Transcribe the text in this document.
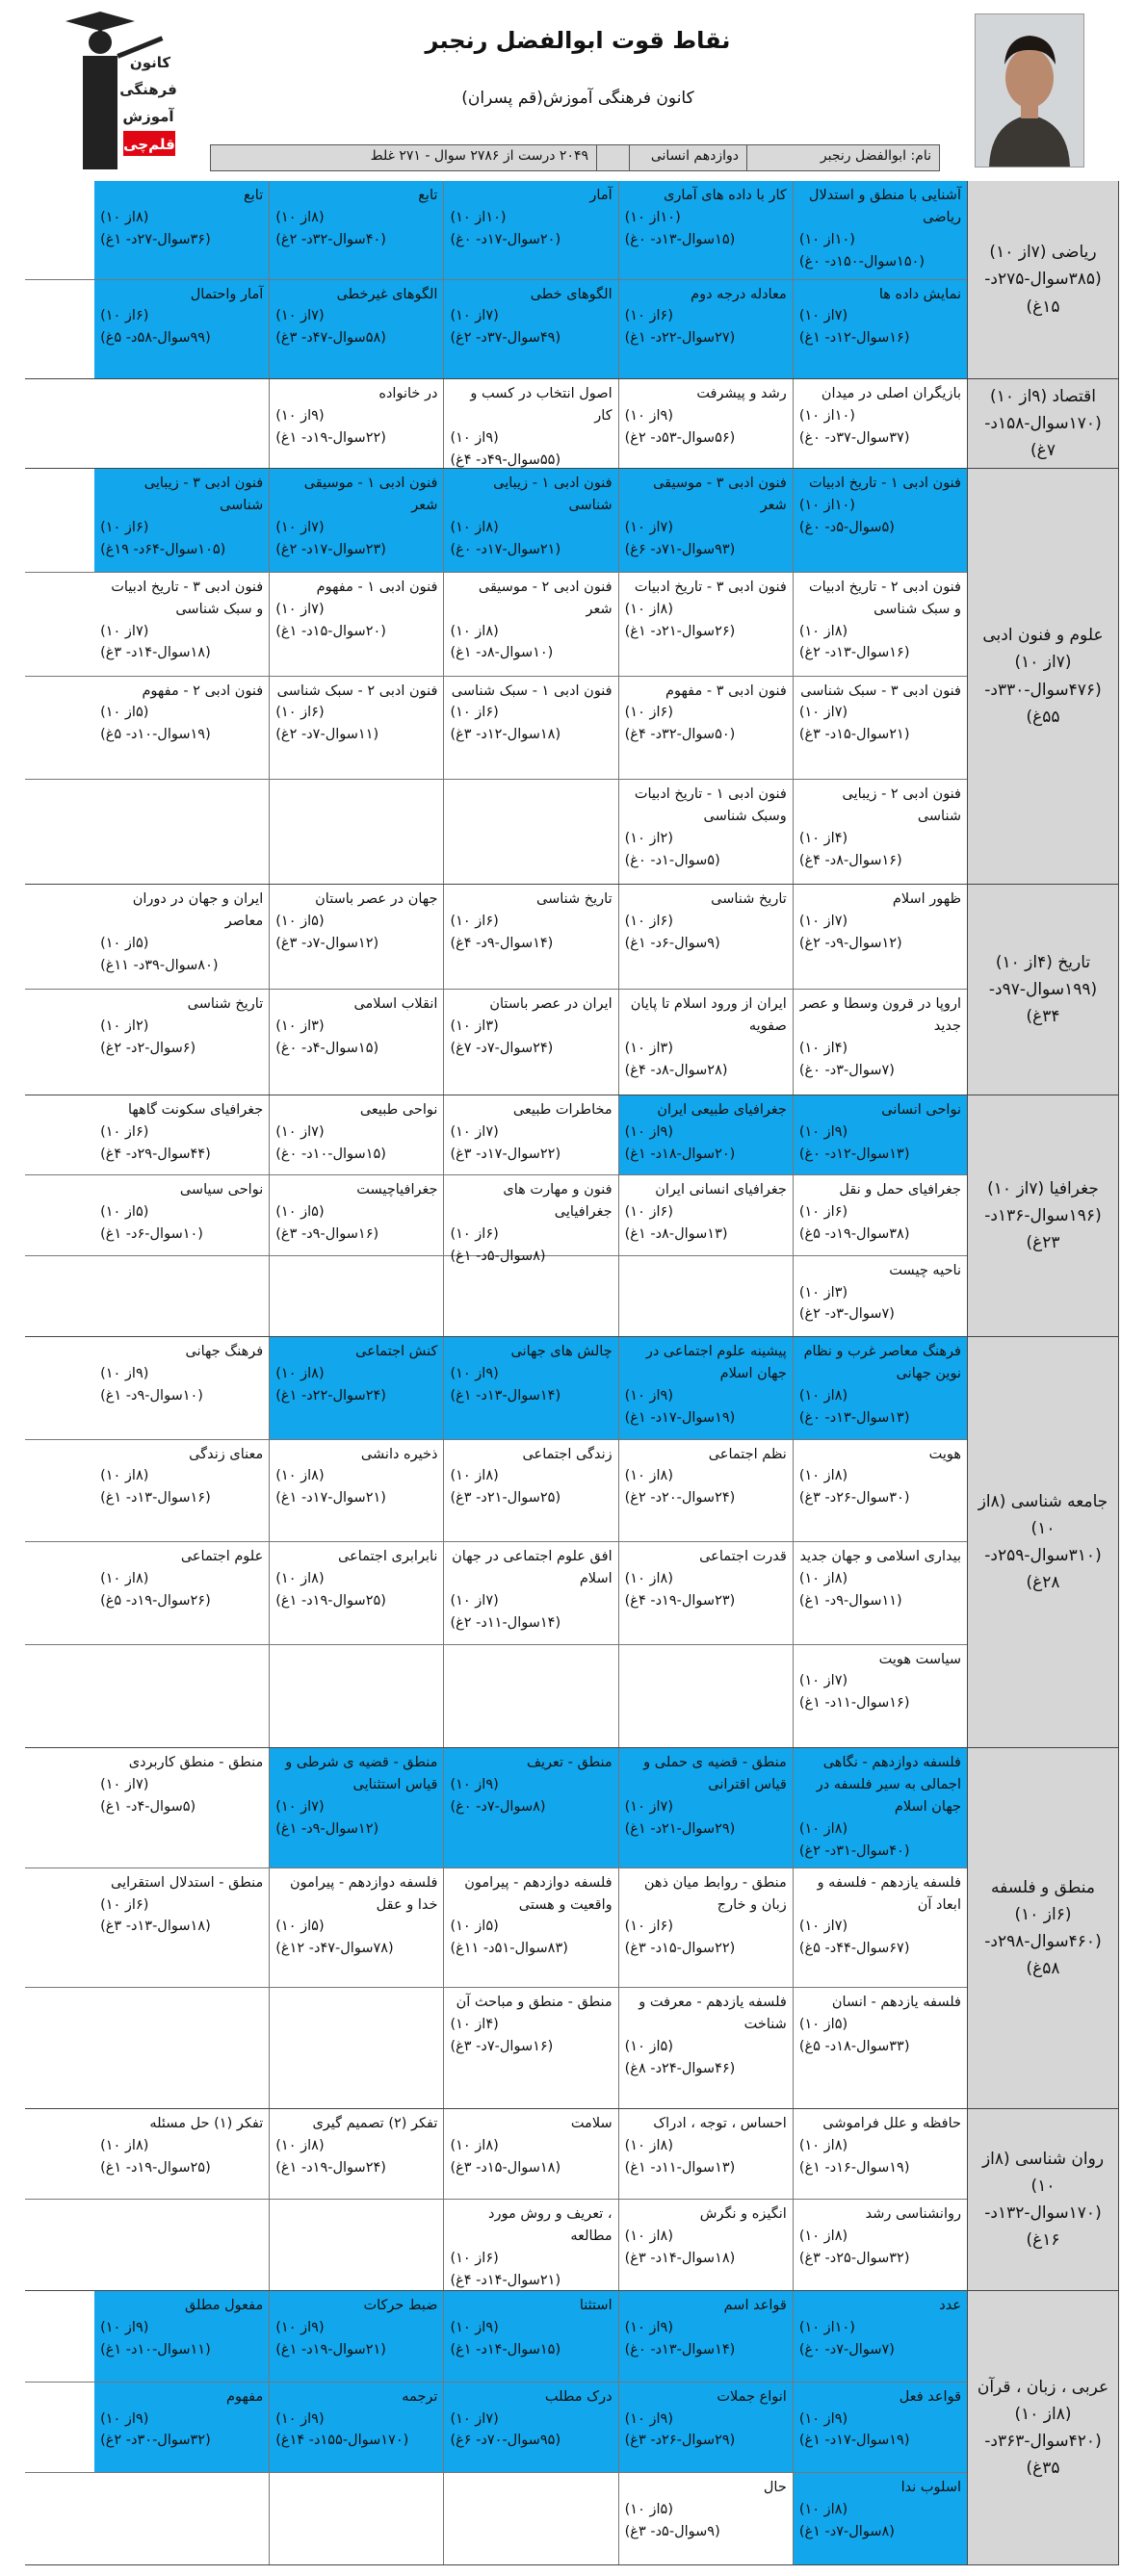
کانون
فرهنگی
آموزش
قلم‌چی
نقاط قوت ابوالفضل رنجبر
کانون فرهنگی آموزش(قم پسران)
نام: ابوالفضل رنجبر
دوازدهم انسانی
۲۰۴۹ درست از ۲۷۸۶ سوال - ۲۷۱ غلط
ریاضی (۷از ۱۰)
(۳۸۵سوال-۲۷۵د-
۱۵غ)
آشنایی با منطق و استدلال ریاضی
(۱۰از ۱۰)
(۱۵۰سوال-۱۵۰د- ۰غ)
کار با داده های آماری
(۱۰از ۱۰)
(۱۵سوال-۱۳د- ۰غ)
آمار
(۱۰از ۱۰)
(۲۰سوال-۱۷د- ۰غ)
تابع
(۸از ۱۰)
(۴۰سوال-۳۲د- ۲غ)
تابع
(۸از ۱۰)
(۳۶سوال-۲۷د- ۱غ)
نمایش داده ها
(۷از ۱۰)
(۱۶سوال-۱۲د- ۱غ)
معادله درجه دوم
(۶از ۱۰)
(۲۷سوال-۲۲د- ۱غ)
الگوهای خطی
(۷از ۱۰)
(۴۹سوال-۳۷د- ۲غ)
الگوهای غیرخطی
(۷از ۱۰)
(۵۸سوال-۴۷د- ۳غ)
آمار واحتمال
(۶از ۱۰)
(۹۹سوال-۵۸د- ۵غ)
اقتصاد (۹از ۱۰)
(۱۷۰سوال-۱۵۸د- ۷غ)
بازیگران اصلی در میدان
(۱۰از ۱۰)
(۳۷سوال-۳۷د- ۰غ)
رشد و پیشرفت
(۹از ۱۰)
(۵۶سوال-۵۳د- ۲غ)
اصول انتخاب در کسب و کار
(۹از ۱۰)
(۵۵سوال-۴۹د- ۴غ)
در خانواده
(۹از ۱۰)
(۲۲سوال-۱۹د- ۱غ)
علوم و فنون ادبی
(۷از ۱۰)
(۴۷۶سوال-۳۳۰د-
۵۵غ)
فنون ادبی ۱ - تاریخ ادبیات
(۱۰از ۱۰)
(۵سوال-۵د- ۰غ)
فنون ادبی ۳ - موسیقی شعر
(۷از ۱۰)
(۹۳سوال-۷۱د- ۶غ)
فنون ادبی ۱ - زیبایی شناسی
(۸از ۱۰)
(۲۱سوال-۱۷د- ۰غ)
فنون ادبی ۱ - موسیقی شعر
(۷از ۱۰)
(۲۳سوال-۱۷د- ۲غ)
فنون ادبی ۳ - زیبایی شناسی
(۶از ۱۰)
(۱۰۵سوال-۶۴د- ۱۹غ)
فنون ادبی ۲ - تاریخ ادبیات و سبک شناسی
(۸از ۱۰)
(۱۶سوال-۱۳د- ۲غ)
فنون ادبی ۳ - تاریخ ادبیات
(۸از ۱۰)
(۲۶سوال-۲۱د- ۱غ)
فنون ادبی ۲ - موسیقی شعر
(۸از ۱۰)
(۱۰سوال-۸د- ۱غ)
فنون ادبی ۱ - مفهوم
(۷از ۱۰)
(۲۰سوال-۱۵د- ۱غ)
فنون ادبی ۳ - تاریخ ادبیات و سبک شناسی
(۷از ۱۰)
(۱۸سوال-۱۴د- ۳غ)
فنون ادبی ۳ - سبک شناسی
(۷از ۱۰)
(۲۱سوال-۱۵د- ۳غ)
فنون ادبی ۳ - مفهوم
(۶از ۱۰)
(۵۰سوال-۳۲د- ۴غ)
فنون ادبی ۱ - سبک شناسی
(۶از ۱۰)
(۱۸سوال-۱۲د- ۳غ)
فنون ادبی ۲ - سبک شناسی
(۶از ۱۰)
(۱۱سوال-۷د- ۲غ)
فنون ادبی ۲ - مفهوم
(۵از ۱۰)
(۱۹سوال-۱۰د- ۵غ)
فنون ادبی ۲ - زیبایی شناسی
(۴از ۱۰)
(۱۶سوال-۸د- ۴غ)
فنون ادبی ۱ - تاریخ ادبیات وسبک شناسی
(۲از ۱۰)
(۵سوال-۱د- ۰غ)
تاریخ (۴از ۱۰)
(۱۹۹سوال-۹۷د-
۳۴غ)
ظهور اسلام
(۷از ۱۰)
(۱۲سوال-۹د- ۲غ)
تاریخ شناسی
(۶از ۱۰)
(۹سوال-۶د- ۱غ)
تاریخ شناسی
(۶از ۱۰)
(۱۴سوال-۹د- ۴غ)
جهان در عصر باستان
(۵از ۱۰)
(۱۲سوال-۷د- ۳غ)
ایران و جهان در دوران معاصر
(۵از ۱۰)
(۸۰سوال-۳۹د- ۱۱غ)
اروپا در قرون وسطا و عصر جدید
(۴از ۱۰)
(۷سوال-۳د- ۰غ)
ایران از ورود اسلام تا پایان صفویه
(۳از ۱۰)
(۲۸سوال-۸د- ۴غ)
ایران در عصر باستان
(۳از ۱۰)
(۲۴سوال-۷د- ۷غ)
انقلاب اسلامی
(۳از ۱۰)
(۱۵سوال-۴د- ۰غ)
تاریخ شناسی
(۲از ۱۰)
(۶سوال-۲د- ۲غ)
جغرافیا (۷از ۱۰)
(۱۹۶سوال-۱۳۶د-
۲۳غ)
نواحی انسانی
(۹از ۱۰)
(۱۳سوال-۱۲د- ۰غ)
جغرافیای طبیعی ایران
(۹از ۱۰)
(۲۰سوال-۱۸د- ۱غ)
مخاطرات طبیعی
(۷از ۱۰)
(۲۲سوال-۱۷د- ۳غ)
نواحی طبیعی
(۷از ۱۰)
(۱۵سوال-۱۰د- ۰غ)
جغرافیای سکونت گاهها
(۶از ۱۰)
(۴۴سوال-۲۹د- ۴غ)
جغرافیای حمل و نقل
(۶از ۱۰)
(۳۸سوال-۱۹د- ۵غ)
جغرافیای انسانی ایران
(۶از ۱۰)
(۱۳سوال-۸د- ۱غ)
فنون و مهارت های جغرافیایی
(۶از ۱۰)
(۸سوال-۵د- ۱غ)
جغرافیاچیست
(۵از ۱۰)
(۱۶سوال-۹د- ۳غ)
نواحی سیاسی
(۵از ۱۰)
(۱۰سوال-۶د- ۱غ)
ناحیه چیست
(۳از ۱۰)
(۷سوال-۳د- ۲غ)
جامعه شناسی (۸از ۱۰)
(۳۱۰سوال-۲۵۹د-
۲۸غ)
فرهنگ معاصر غرب و نظام نوین جهانی
(۸از ۱۰)
(۱۳سوال-۱۳د- ۰غ)
پیشینه علوم اجتماعی در جهان اسلام
(۹از ۱۰)
(۱۹سوال-۱۷د- ۱غ)
چالش های جهانی
(۹از ۱۰)
(۱۴سوال-۱۳د- ۱غ)
کنش اجتماعی
(۸از ۱۰)
(۲۴سوال-۲۲د- ۱غ)
فرهنگ جهانی
(۹از ۱۰)
(۱۰سوال-۹د- ۱غ)
هویت
(۸از ۱۰)
(۳۰سوال-۲۶د- ۳غ)
نظم اجتماعی
(۸از ۱۰)
(۲۴سوال-۲۰د- ۲غ)
زندگی اجتماعی
(۸از ۱۰)
(۲۵سوال-۲۱د- ۳غ)
ذخیره دانشی
(۸از ۱۰)
(۲۱سوال-۱۷د- ۱غ)
معنای زندگی
(۸از ۱۰)
(۱۶سوال-۱۳د- ۱غ)
بیداری اسلامی و جهان جدید
(۸از ۱۰)
(۱۱سوال-۹د- ۱غ)
قدرت اجتماعی
(۸از ۱۰)
(۲۳سوال-۱۹د- ۴غ)
افق علوم اجتماعی در جهان اسلام
(۷از ۱۰)
(۱۴سوال-۱۱د- ۲غ)
نابرابری اجتماعی
(۸از ۱۰)
(۲۵سوال-۱۹د- ۱غ)
علوم اجتماعی
(۸از ۱۰)
(۲۶سوال-۱۹د- ۵غ)
سیاست هویت
(۷از ۱۰)
(۱۶سوال-۱۱د- ۱غ)
منطق و فلسفه (۶از ۱۰)
(۴۶۰سوال-۲۹۸د-
۵۸غ)
فلسفه دوازدهم - نگاهی اجمالی به سیر فلسفه در جهان اسلام
(۸از ۱۰)
(۴۰سوال-۳۱د- ۲غ)
منطق - قضیه ی حملی و قیاس اقترانی
(۷از ۱۰)
(۲۹سوال-۲۱د- ۱غ)
منطق - تعریف
(۹از ۱۰)
(۸سوال-۷د- ۰غ)
منطق - قضیه ی شرطی و قیاس استثنایی
(۷از ۱۰)
(۱۲سوال-۹د- ۱غ)
منطق - منطق کاربردی
(۷از ۱۰)
(۵سوال-۴د- ۱غ)
فلسفه یازدهم - فلسفه و ابعاد آن
(۷از ۱۰)
(۶۷سوال-۴۴د- ۵غ)
منطق - روابط میان ذهن زبان و خارج
(۶از ۱۰)
(۲۲سوال-۱۵د- ۳غ)
فلسفه دوازدهم - پیرامون واقعیت و هستی
(۵از ۱۰)
(۸۳سوال-۵۱د- ۱۱غ)
فلسفه دوازدهم - پیرامون خدا و عقل
(۵از ۱۰)
(۷۸سوال-۴۷د- ۱۲غ)
منطق - استدلال استقرایی
(۶از ۱۰)
(۱۸سوال-۱۳د- ۳غ)
فلسفه یازدهم - انسان
(۵از ۱۰)
(۳۳سوال-۱۸د- ۵غ)
فلسفه یازدهم - معرفت و شناخت
(۵از ۱۰)
(۴۶سوال-۲۴د- ۸غ)
منطق - منطق و مباحث آن
(۴از ۱۰)
(۱۶سوال-۷د- ۳غ)
روان شناسی (۸از ۱۰)
(۱۷۰سوال-۱۳۲د-
۱۶غ)
حافظه و علل فراموشی
(۸از ۱۰)
(۱۹سوال-۱۶د- ۱غ)
احساس ، توجه ، ادراک
(۸از ۱۰)
(۱۳سوال-۱۱د- ۱غ)
سلامت
(۸از ۱۰)
(۱۸سوال-۱۵د- ۳غ)
تفکر (۲) تصمیم گیری
(۸از ۱۰)
(۲۴سوال-۱۹د- ۱غ)
تفکر (۱) حل مسئله
(۸از ۱۰)
(۲۵سوال-۱۹د- ۱غ)
روانشناسی رشد
(۸از ۱۰)
(۳۲سوال-۲۵د- ۳غ)
انگیزه و نگرش
(۸از ۱۰)
(۱۸سوال-۱۴د- ۳غ)
، تعریف و روش مورد مطالعه
(۶از ۱۰)
(۲۱سوال-۱۴د- ۴غ)
عربی ، زبان ، قرآن
(۸از ۱۰)
(۴۲۰سوال-۳۶۳د-
۳۵غ)
عدد
(۱۰از ۱۰)
(۷سوال-۷د- ۰غ)
قواعد اسم
(۹از ۱۰)
(۱۴سوال-۱۳د- ۰غ)
استثنا
(۹از ۱۰)
(۱۵سوال-۱۴د- ۱غ)
ضبط حرکات
(۹از ۱۰)
(۲۱سوال-۱۹د- ۱غ)
مفعول مطلق
(۹از ۱۰)
(۱۱سوال-۱۰د- ۱غ)
قواعد فعل
(۹از ۱۰)
(۱۹سوال-۱۷د- ۱غ)
انواع جملات
(۹از ۱۰)
(۲۹سوال-۲۶د- ۳غ)
درک مطلب
(۷از ۱۰)
(۹۵سوال-۷۰د- ۶غ)
ترجمه
(۹از ۱۰)
(۱۷۰سوال-۱۵۵د- ۱۴غ)
مفهوم
(۹از ۱۰)
(۳۲سوال-۳۰د- ۲غ)
اسلوب ندا
(۸از ۱۰)
(۸سوال-۷د- ۱غ)
حال
(۵از ۱۰)
(۹سوال-۵د- ۳غ)
